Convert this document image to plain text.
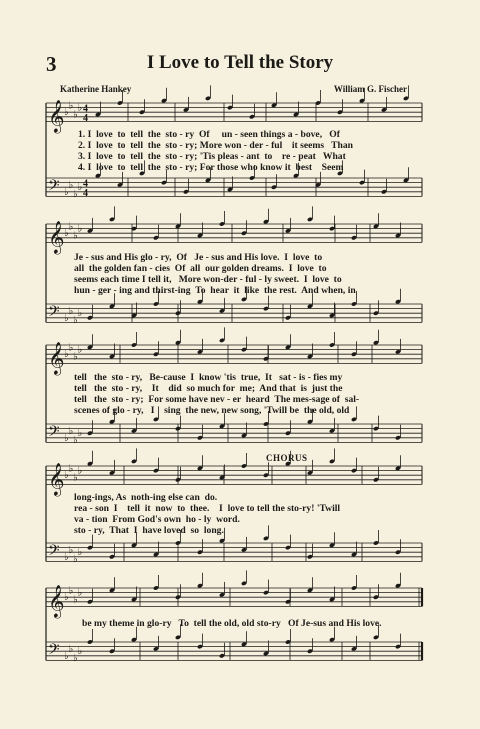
𝄞 ♭
♭
♭
♭
𝄢 ♭
♭
♭
♭
4
4
4
4
𝄞 ♭
♭
♭
♭
𝄢 ♭
♭
♭
♭
𝄞 ♭
♭
♭
♭
𝄢 ♭
♭
♭
♭
𝄞 ♭
♭
♭
♭
𝄢 ♭
♭
♭
♭
𝄞 ♭
♭
♭
♭
𝄢 ♭
♭
♭
♭
3	I Love to Tell the Story
Katherine Hankey	William G. Fischer
CHORUS
1. I  love  to  tell  the  sto - ry  Of     un - seen things a - bove,   Of
2. I  love  to  tell  the  sto - ry; More won - der - ful    it seems   Than
3. I  love  to  tell  the  sto - ry; 'Tis pleas - ant  to    re - peat   What
4. I  love  to  tell  the  sto - ry; For those who know it  best    Seem
Je - sus and His glo - ry,  Of   Je - sus and His love.  I  love  to
all  the golden fan - cies  Of  all  our golden dreams.  I  love  to
seems each time I tell it,   More won-der - ful - ly sweet.  I  love  to
hun - ger - ing and thirst-ing  To  hear  it  like  the rest.  And when, in
tell   the  sto - ry,   Be-cause  I  know 'tis  true,  It   sat - is - fies my
tell   the  sto - ry,    It    did  so much for  me;  And that  is  just the
tell   the  sto - ry;  For some have nev - er  heard  The mes-sage of  sal-
scenes of glo - ry,   I    sing  the new, new song, 'Twill be  the old, old
long-ings, As  noth-ing else can  do.
rea - son  I    tell  it  now  to  thee.    I  love to tell the sto-ry! 'Twill
va - tion  From God's own  ho - ly  word.
sto - ry,  That  I  have loved  so  long.
be my theme in glo-ry   To  tell the old, old sto-ry   Of Je-sus and His love.
